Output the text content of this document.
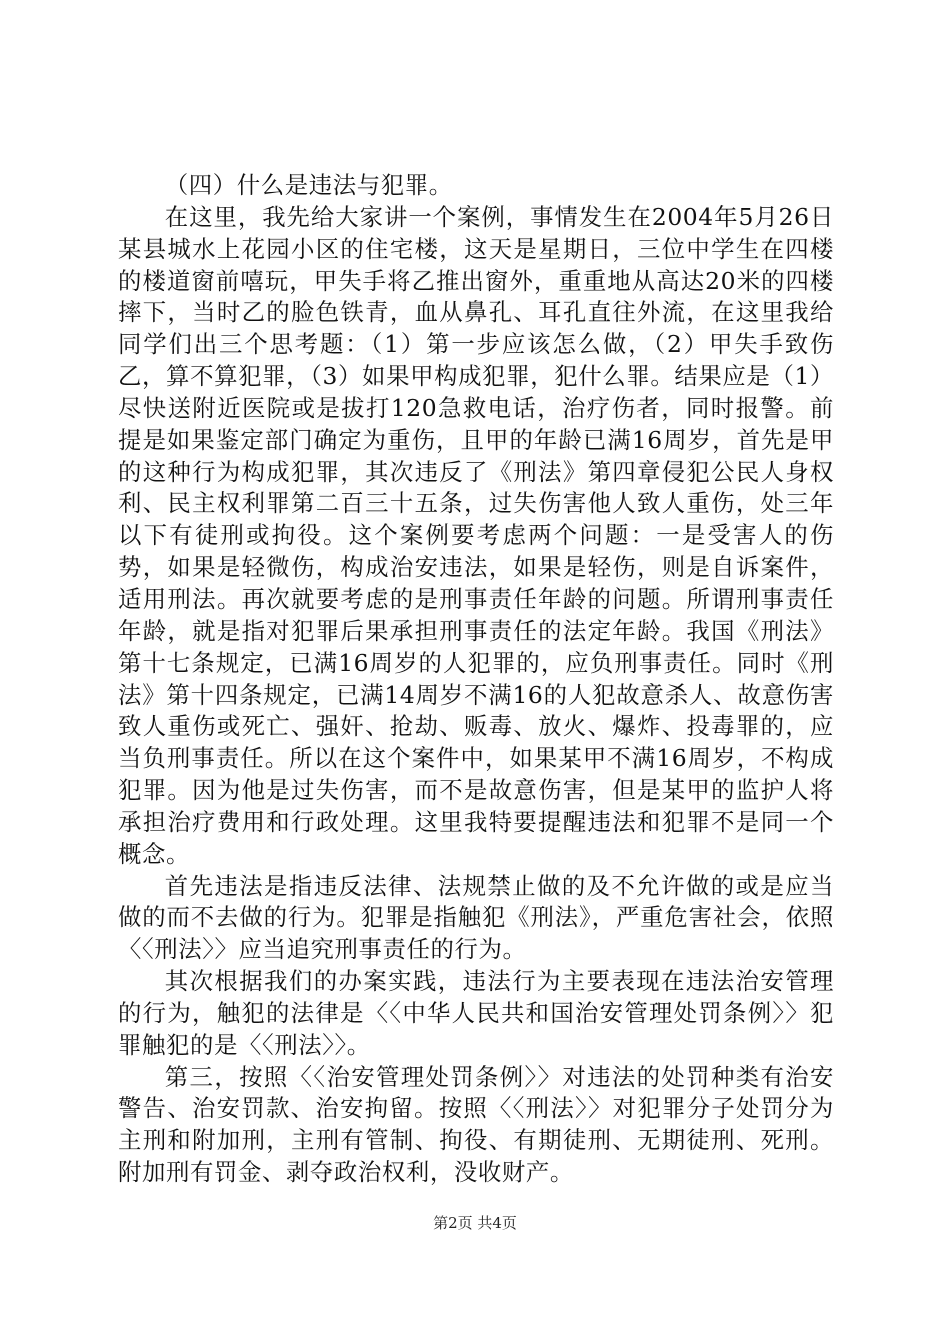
（四）什么是违法与犯罪。

在这里，我先给大家讲一个案例，事情发生在2004年5月26日某县城水上花园小区的住宅楼，这天是星期日，三位中学生在四楼的楼道窗前嘻玩，甲失手将乙推出窗外，重重地从高达20米的四楼摔下，当时乙的脸色铁青，血从鼻孔、耳孔直往外流，在这里我给同学们出三个思考题：（1）第一步应该怎么做，（2）甲失手致伤乙，算不算犯罪，（3）如果甲构成犯罪，犯什么罪。结果应是（1）尽快送附近医院或是拔打120急救电话，治疗伤者，同时报警。前提是如果鉴定部门确定为重伤，且甲的年龄已满16周岁，首先是甲的这种行为构成犯罪，其次违反了《刑法》第四章侵犯公民人身权利、民主权利罪第二百三十五条，过失伤害他人致人重伤，处三年以下有徒刑或拘役。这个案例要考虑两个问题：一是受害人的伤势，如果是轻微伤，构成治安违法，如果是轻伤，则是自诉案件，适用刑法。再次就要考虑的是刑事责任年龄的问题。所谓刑事责任年龄，就是指对犯罪后果承担刑事责任的法定年龄。我国《刑法》第十七条规定，已满16周岁的人犯罪的，应负刑事责任。同时《刑法》第十四条规定，已满14周岁不满16的人犯故意杀人、故意伤害致人重伤或死亡、强奸、抢劫、贩毒、放火、爆炸、投毒罪的，应当负刑事责任。所以在这个案件中，如果某甲不满16周岁，不构成犯罪。因为他是过失伤害，而不是故意伤害，但是某甲的监护人将承担治疗费用和行政处理。这里我特要提醒违法和犯罪不是同一个概念。

首先违法是指违反法律、法规禁止做的及不允许做的或是应当做的而不去做的行为。犯罪是指触犯《刑法》，严重危害社会，依照〈〈刑法〉〉应当追究刑事责任的行为。

其次根据我们的办案实践，违法行为主要表现在违法治安管理的行为，触犯的法律是〈〈中华人民共和国治安管理处罚条例〉〉犯罪触犯的是〈〈刑法〉〉。

第三，按照〈〈治安管理处罚条例〉〉对违法的处罚种类有治安警告、治安罚款、治安拘留。按照〈〈刑法〉〉对犯罪分子处罚分为主刑和附加刑，主刑有管制、拘役、有期徒刑、无期徒刑、死刑。附加刑有罚金、剥夺政治权利，没收财产。

第2页 共4页
